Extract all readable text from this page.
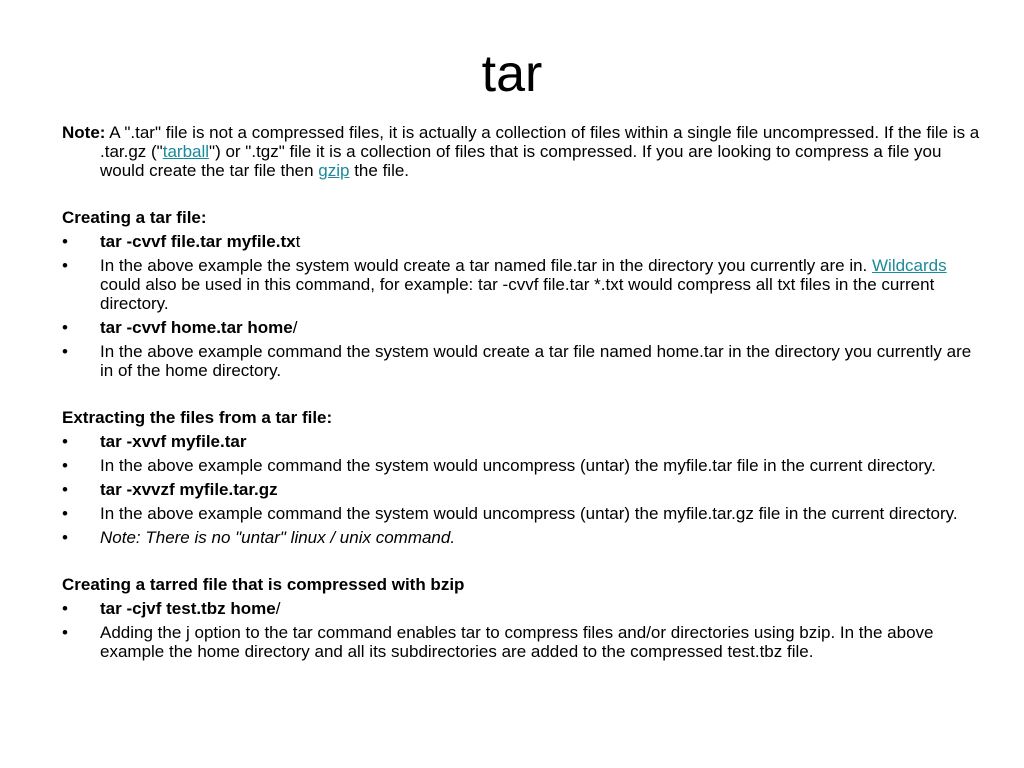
tar

Note: A ".tar" file is not a compressed files, it is actually a collection of files within a single file uncompressed. If the file is a .tar.gz ("tarball") or ".tgz" file it is a collection of files that is compressed. If you are looking to compress a file you would create the tar file then gzip the file.

Creating a tar file:

•	tar -cvvf file.tar myfile.txt
•	In the above example the system would create a tar named file.tar in the directory you currently are in. Wildcards could also be used in this command, for example: tar -cvvf file.tar *.txt would compress all txt files in the current directory.
•	tar -cvvf home.tar home/
•	In the above example command the system would create a tar file named home.tar in the directory you currently are in of the home directory.

Extracting the files from a tar file:

•	tar -xvvf myfile.tar
•	In the above example command the system would uncompress (untar) the myfile.tar file in the current directory.
•	tar -xvvzf myfile.tar.gz
•	In the above example command the system would uncompress (untar) the myfile.tar.gz file in the current directory.
•	Note: There is no "untar" linux / unix command.

Creating a tarred file that is compressed with bzip

•	tar -cjvf test.tbz home/
•	Adding the j option to the tar command enables tar to compress files and/or directories using bzip. In the above example the home directory and all its subdirectories are added to the compressed test.tbz file.
